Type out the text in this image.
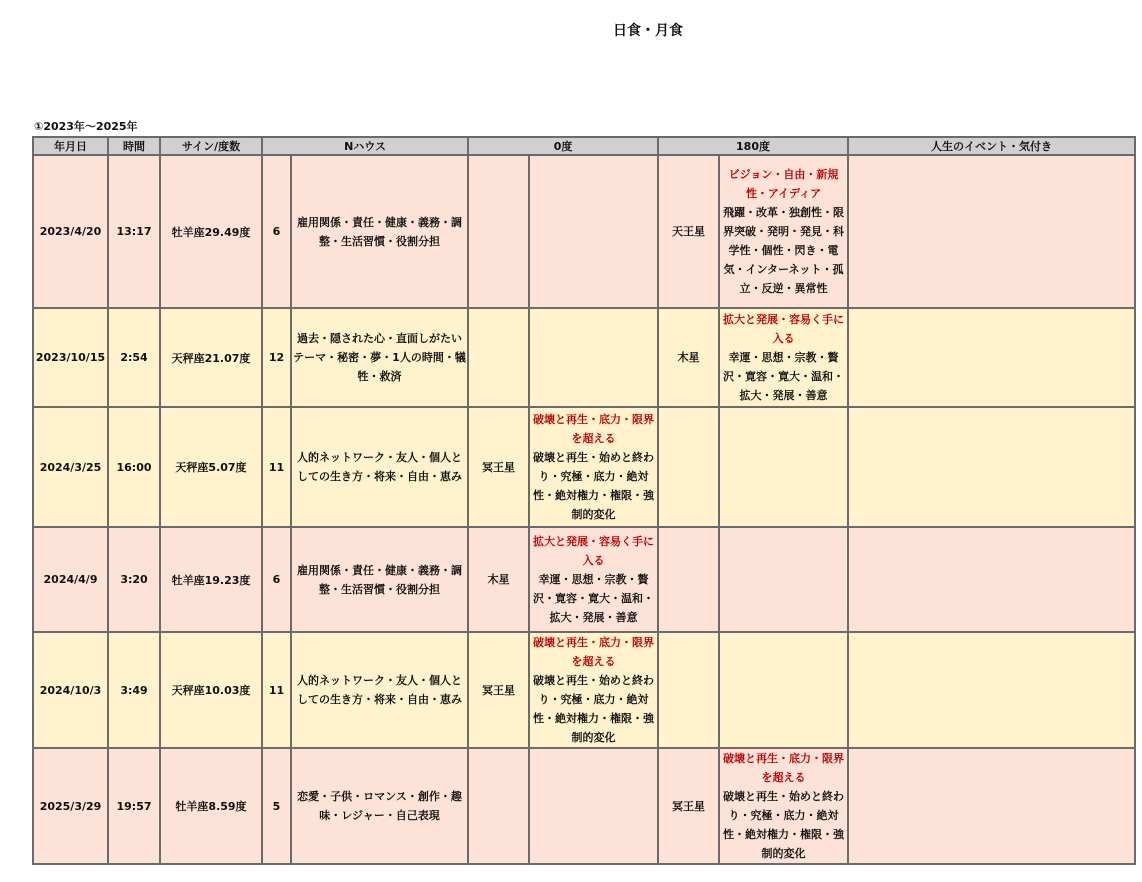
日食・月食
①2023年～2025年
年月日	時間	サイン/度数	Nハウス		0度		180度		人生のイベント・気付き
2023/4/20	13:17	牡羊座29.49度	6	雇用関係・責任・健康・義務・調整・生活習慣・役割分担			天王星	ビジョン・自由・新規性・アイディア
飛躍・改革・独創性・限界突破・発明・発見・科学性・個性・閃き・電気・インターネット・孤立・反逆・異常性	

2023/10/15	2:54	天秤座21.07度	12	過去・隠された心・直面しがたいテーマ・秘密・夢・1人の時間・犠牲・救済			木星	拡大と発展・容易く手に入る
幸運・思想・宗教・贅沢・寛容・寛大・温和・拡大・発展・善意	

2024/3/25	16:00	天秤座5.07度	11	人的ネットワーク・友人・個人としての生き方・将来・自由・恵み	冥王星	破壊と再生・底力・限界を超える
破壊と再生・始めと終わり・究極・底力・絶対性・絶対権力・権限・強制的変化			

2024/4/9	3:20	牡羊座19.23度	6	雇用関係・責任・健康・義務・調整・生活習慣・役割分担	木星	拡大と発展・容易く手に入る
幸運・思想・宗教・贅沢・寛容・寛大・温和・拡大・発展・善意			

2024/10/3	3:49	天秤座10.03度	11	人的ネットワーク・友人・個人としての生き方・将来・自由・恵み	冥王星	破壊と再生・底力・限界を超える
破壊と再生・始めと終わり・究極・底力・絶対性・絶対権力・権限・強制的変化			

2025/3/29	19:57	牡羊座8.59度	5	恋愛・子供・ロマンス・創作・趣味・レジャー・自己表現			冥王星	破壊と再生・底力・限界を超える
破壊と再生・始めと終わり・究極・底力・絶対性・絶対権力・権限・強制的変化	
